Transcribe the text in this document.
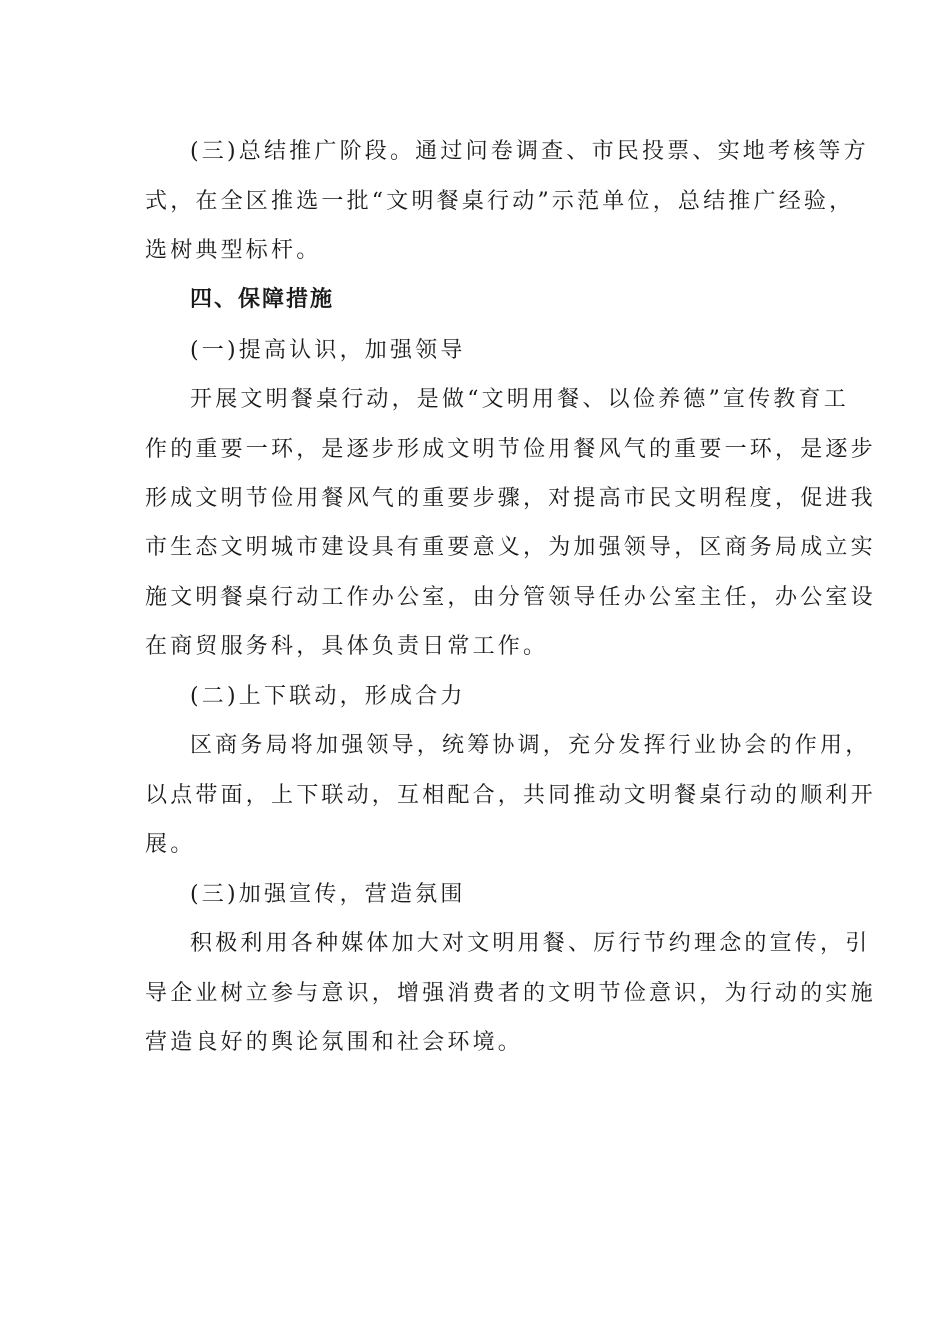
(三)总结推广阶段。通过问卷调查、市民投票、实地考核等方
式，在全区推选一批“文明餐桌行动”示范单位，总结推广经验，
选树典型标杆。
四、保障措施
(一)提高认识，加强领导
开展文明餐桌行动，是做“文明用餐、以俭养德”宣传教育工
作的重要一环，是逐步形成文明节俭用餐风气的重要一环，是逐步
形成文明节俭用餐风气的重要步骤，对提高市民文明程度，促进我
市生态文明城市建设具有重要意义，为加强领导，区商务局成立实
施文明餐桌行动工作办公室，由分管领导任办公室主任，办公室设
在商贸服务科，具体负责日常工作。
(二)上下联动，形成合力
区商务局将加强领导，统筹协调，充分发挥行业协会的作用，
以点带面，上下联动，互相配合，共同推动文明餐桌行动的顺利开
展。
(三)加强宣传，营造氛围
积极利用各种媒体加大对文明用餐、厉行节约理念的宣传，引
导企业树立参与意识，增强消费者的文明节俭意识，为行动的实施
营造良好的舆论氛围和社会环境。
